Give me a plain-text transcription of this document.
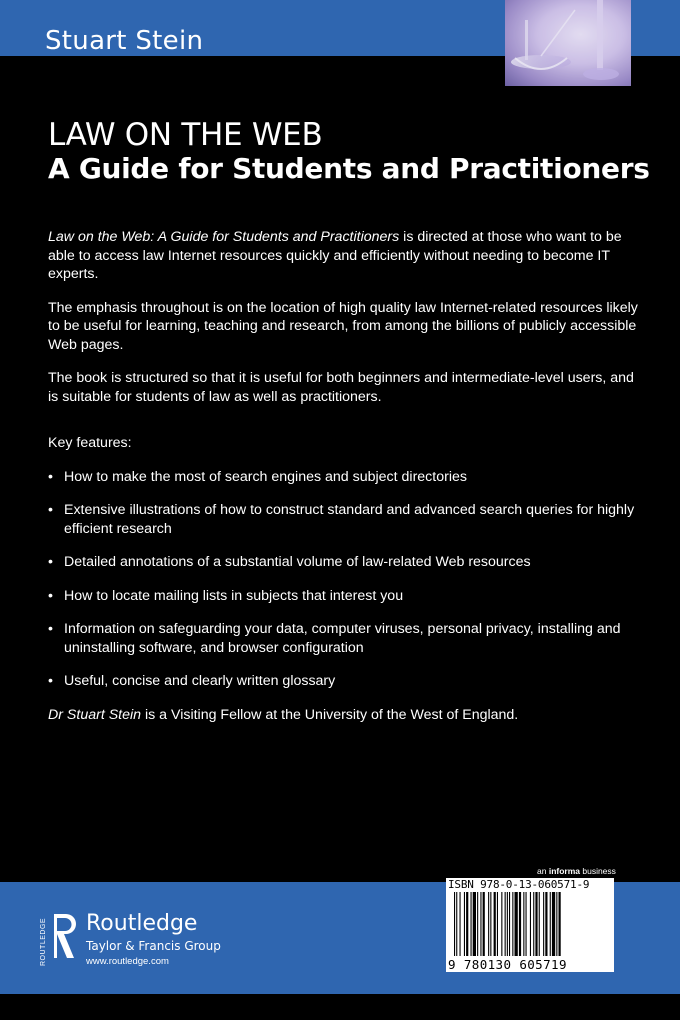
Stuart Stein
LAW ON THE WEB
A Guide for Students and Practitioners

Law on the Web: A Guide for Students and Practitioners is directed at those who want to be able to access law Internet resources quickly and efficiently without needing to become IT experts.

The emphasis throughout is on the location of high quality law Internet-related resources likely to be useful for learning, teaching and research, from among the billions of publicly accessible Web pages.

The book is structured so that it is useful for both beginners and intermediate-level users, and is suitable for students of law as well as practitioners.

Key features:

• How to make the most of search engines and subject directories
• Extensive illustrations of how to construct standard and advanced search queries for highly efficient research
• Detailed annotations of a substantial volume of law-related Web resources
• How to locate mailing lists in subjects that interest you
• Information on safeguarding your data, computer viruses, personal privacy, installing and uninstalling software, and browser configuration
• Useful, concise and clearly written glossary

Dr Stuart Stein is a Visiting Fellow at the University of the West of England.

an informa business
ROUTLEDGE Routledge
Taylor & Francis Group
www.routledge.com
ISBN 978-0-13-060571-9
9 780130 605719
